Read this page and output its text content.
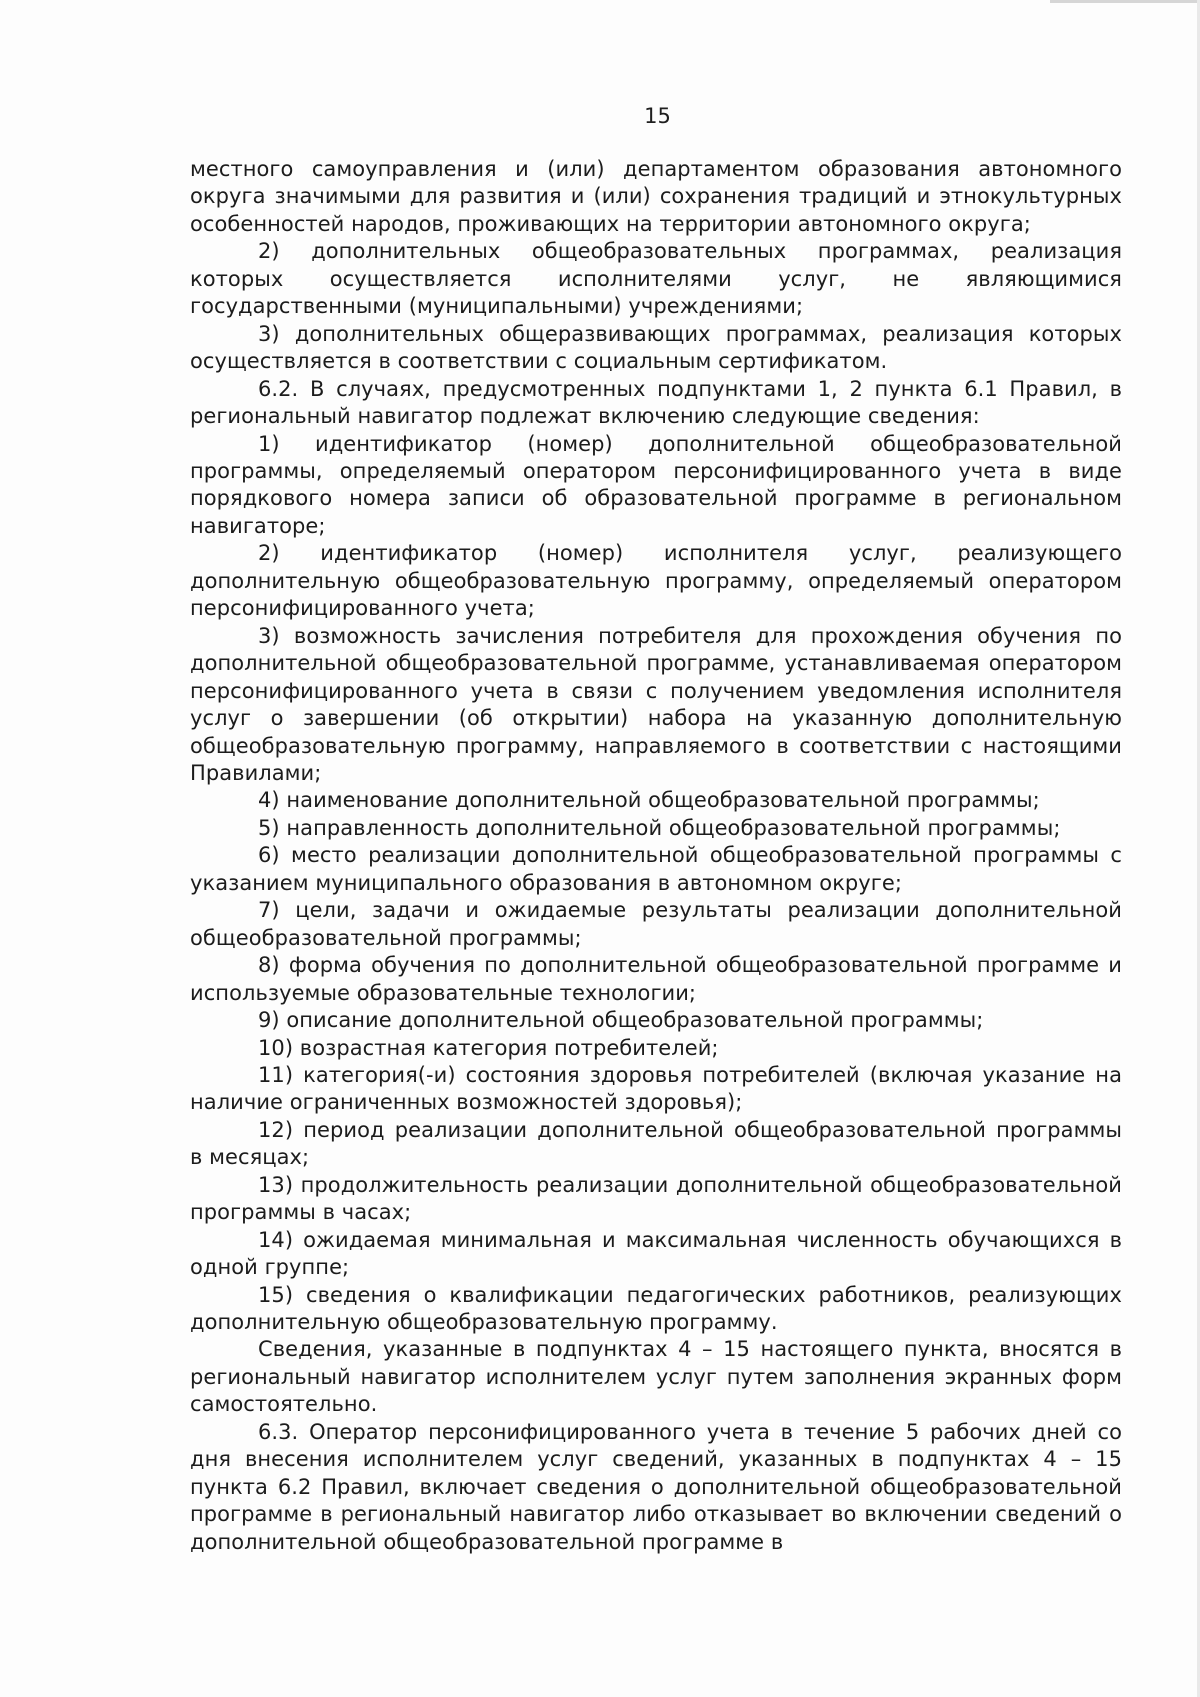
15

местного самоуправления и (или) департаментом образования автономного округа значимыми для развития и (или) сохранения традиций и этнокультурных особенностей народов, проживающих на территории автономного округа;

2) дополнительных общеобразовательных программах, реализация которых осуществляется исполнителями услуг, не являющимися государственными (муниципальными) учреждениями;

3) дополнительных общеразвивающих программах, реализация которых осуществляется в соответствии с социальным сертификатом.

6.2. В случаях, предусмотренных подпунктами 1, 2 пункта 6.1 Правил, в региональный навигатор подлежат включению следующие сведения:

1) идентификатор (номер) дополнительной общеобразовательной программы, определяемый оператором персонифицированного учета в виде порядкового номера записи об образовательной программе в региональном навигаторе;

2) идентификатор (номер) исполнителя услуг, реализующего дополнительную общеобразовательную программу, определяемый оператором персонифицированного учета;

3) возможность зачисления потребителя для прохождения обучения по дополнительной общеобразовательной программе, устанавливаемая оператором персонифицированного учета в связи с получением уведомления исполнителя услуг о завершении (об открытии) набора на указанную дополнительную общеобразовательную программу, направляемого в соответствии с настоящими Правилами;

4) наименование дополнительной общеобразовательной программы;

5) направленность дополнительной общеобразовательной программы;

6) место реализации дополнительной общеобразовательной программы с указанием муниципального образования в автономном округе;

7) цели, задачи и ожидаемые результаты реализации дополнительной общеобразовательной программы;

8) форма обучения по дополнительной общеобразовательной программе и используемые образовательные технологии;

9) описание дополнительной общеобразовательной программы;

10) возрастная категория потребителей;

11) категория(-и) состояния здоровья потребителей (включая указание на наличие ограниченных возможностей здоровья);

12) период реализации дополнительной общеобразовательной программы в месяцах;

13) продолжительность реализации дополнительной общеобразовательной программы в часах;

14) ожидаемая минимальная и максимальная численность обучающихся в одной группе;

15) сведения о квалификации педагогических работников, реализующих дополнительную общеобразовательную программу.

Сведения, указанные в подпунктах 4 – 15 настоящего пункта, вносятся в региональный навигатор исполнителем услуг путем заполнения экранных форм самостоятельно.

6.3. Оператор персонифицированного учета в течение 5 рабочих дней со дня внесения исполнителем услуг сведений, указанных в подпунктах 4 – 15 пункта 6.2 Правил, включает сведения о дополнительной общеобразовательной программе в региональный навигатор либо отказывает во включении сведений о дополнительной общеобразовательной программе в
